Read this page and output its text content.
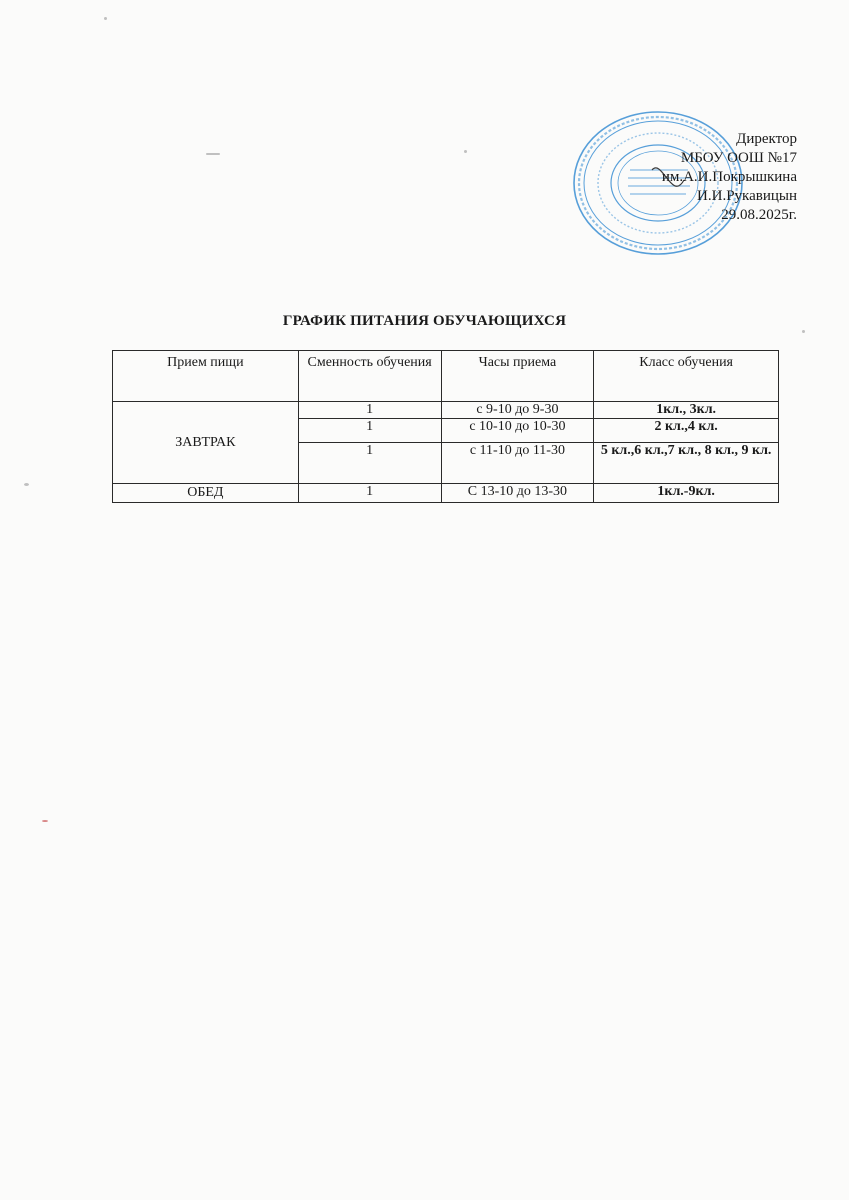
Директор
МБОУ ООШ №17
им.А.И.Покрышкина
И.И.Рукавицын
29.08.2025г.
ГРАФИК ПИТАНИЯ ОБУЧАЮЩИХСЯ
Прием пищи	Сменность обучения	Часы приема	Класс обучения
ЗАВТРАК	1	с 9-10 до 9-30	1кл., 3кл.
	1	с 10-10 до 10-30	2 кл.,4 кл.
	1	с 11-10 до 11-30	5 кл.,6 кл.,7 кл., 8 кл., 9 кл.
ОБЕД	1	С 13-10 до 13-30	1кл.-9кл.
